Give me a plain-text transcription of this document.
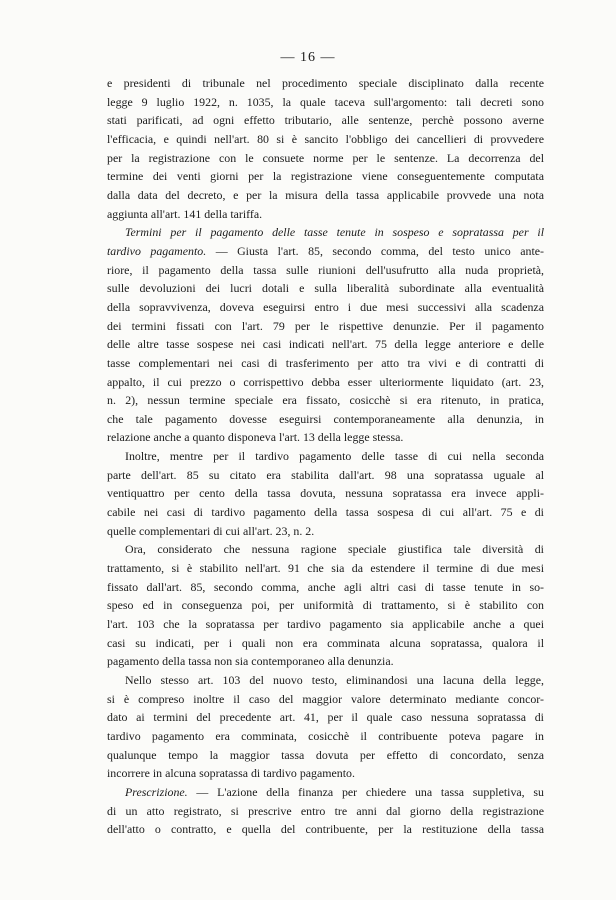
— 16 —

e presidenti di tribunale nel procedimento speciale disciplinato dalla recente
legge 9 luglio 1922, n. 1035, la quale taceva sull'argomento: tali decreti sono
stati parificati, ad ogni effetto tributario, alle sentenze, perchè possono averne
l'efficacia, e quindi nell'art. 80 si è sancito l'obbligo dei cancellieri di provvedere
per la registrazione con le consuete norme per le sentenze. La decorrenza del
termine dei venti giorni per la registrazione viene conseguentemente computata
dalla data del decreto, e per la misura della tassa applicabile provvede una nota
aggiunta all'art. 141 della tariffa.

Termini per il pagamento delle tasse tenute in sospeso e sopratassa per il
tardivo pagamento. — Giusta l'art. 85, secondo comma, del testo unico ante-
riore, il pagamento della tassa sulle riunioni dell'usufrutto alla nuda proprietà,
sulle devoluzioni dei lucri dotali e sulla liberalità subordinate alla eventualità
della sopravvivenza, doveva eseguirsi entro i due mesi successivi alla scadenza
dei termini fissati con l'art. 79 per le rispettive denunzie. Per il pagamento
delle altre tasse sospese nei casi indicati nell'art. 75 della legge anteriore e delle
tasse complementari nei casi di trasferimento per atto tra vivi e di contratti di
appalto, il cui prezzo o corrispettivo debba esser ulteriormente liquidato (art. 23,
n. 2), nessun termine speciale era fissato, cosicchè si era ritenuto, in pratica,
che tale pagamento dovesse eseguirsi contemporaneamente alla denunzia, in
relazione anche a quanto disponeva l'art. 13 della legge stessa.

Inoltre, mentre per il tardivo pagamento delle tasse di cui nella seconda
parte dell'art. 85 su citato era stabilita dall'art. 98 una sopratassa uguale al
ventiquattro per cento della tassa dovuta, nessuna sopratassa era invece appli-
cabile nei casi di tardivo pagamento della tassa sospesa di cui all'art. 75 e di
quelle complementari di cui all'art. 23, n. 2.

Ora, considerato che nessuna ragione speciale giustifica tale diversità di
trattamento, si è stabilito nell'art. 91 che sia da estendere il termine di due mesi
fissato dall'art. 85, secondo comma, anche agli altri casi di tasse tenute in so-
speso ed in conseguenza poi, per uniformità di trattamento, si è stabilito con
l'art. 103 che la sopratassa per tardivo pagamento sia applicabile anche a quei
casi su indicati, per i quali non era comminata alcuna sopratassa, qualora il
pagamento della tassa non sia contemporaneo alla denunzia.

Nello stesso art. 103 del nuovo testo, eliminandosi una lacuna della legge,
si è compreso inoltre il caso del maggior valore determinato mediante concor-
dato ai termini del precedente art. 41, per il quale caso nessuna sopratassa di
tardivo pagamento era comminata, cosicchè il contribuente poteva pagare in
qualunque tempo la maggior tassa dovuta per effetto di concordato, senza
incorrere in alcuna sopratassa di tardivo pagamento.

Prescrizione. — L'azione della finanza per chiedere una tassa suppletiva, su
di un atto registrato, si prescrive entro tre anni dal giorno della registrazione
dell'atto o contratto, e quella del contribuente, per la restituzione della tassa
